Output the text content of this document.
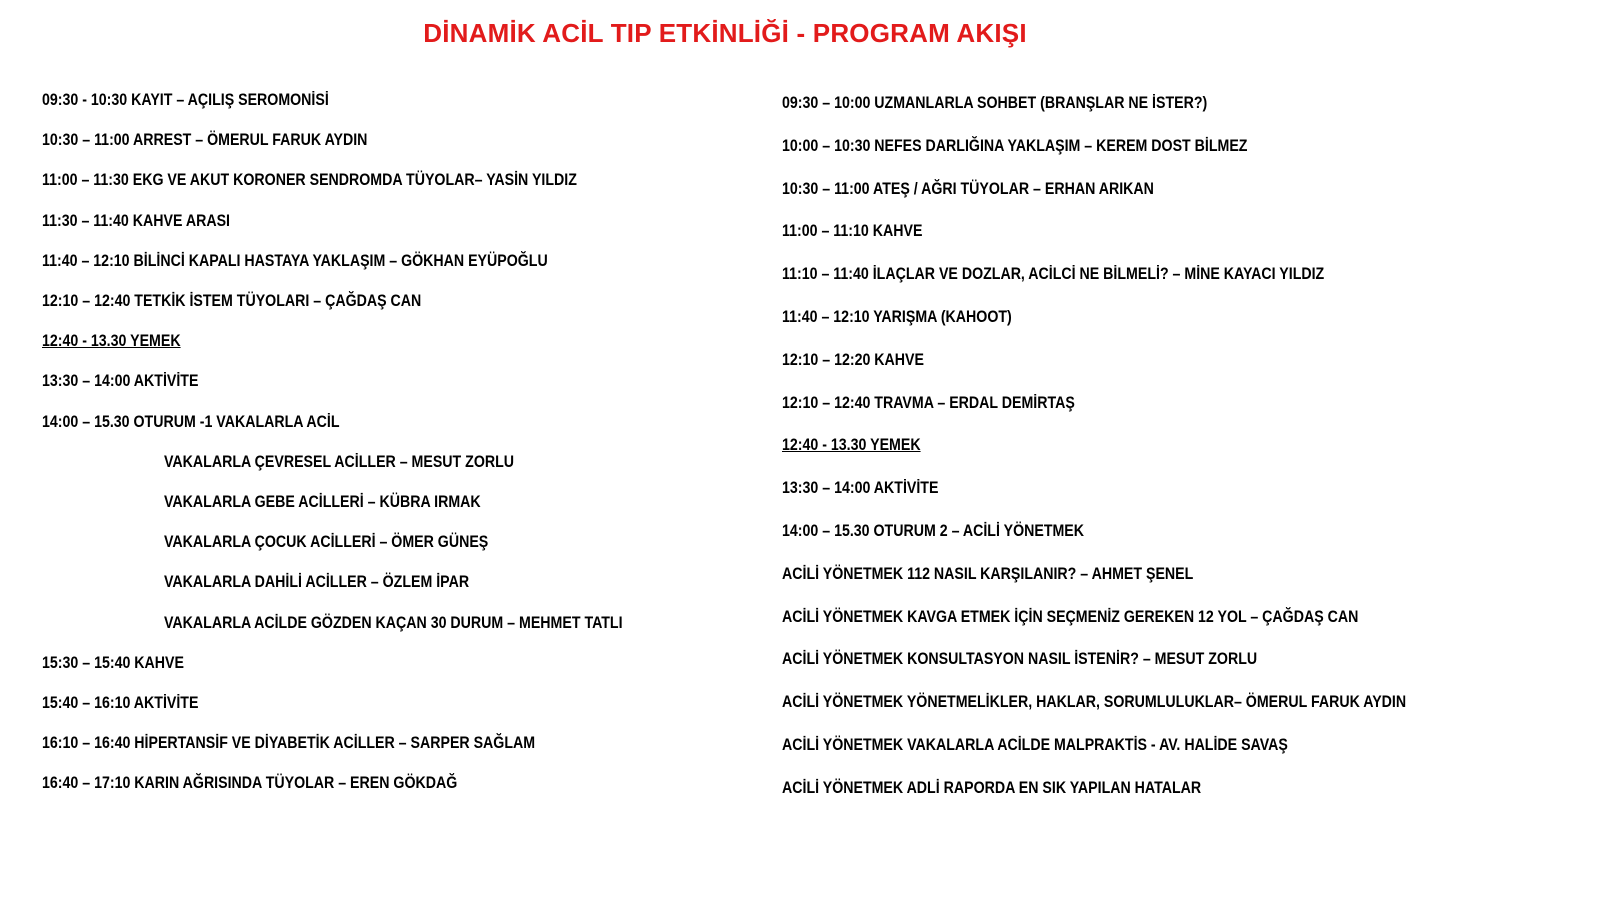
DİNAMİK ACİL TIP ETKİNLİĞİ - PROGRAM AKIŞI
09:30 - 10:30 KAYIT – AÇILIŞ SEROMONİSİ
10:30 – 11:00 ARREST – ÖMERUL FARUK AYDIN
11:00 – 11:30 EKG VE AKUT KORONER SENDROMDA TÜYOLAR– YASİN YILDIZ
11:30 – 11:40 KAHVE ARASI
11:40 – 12:10 BİLİNCİ KAPALI HASTAYA YAKLAŞIM – GÖKHAN EYÜPOĞLU
12:10 – 12:40 TETKİK İSTEM TÜYOLARI – ÇAĞDAŞ CAN
12:40 - 13.30 YEMEK
13:30 – 14:00 AKTİVİTE
14:00 – 15.30 OTURUM -1 VAKALARLA ACİL
VAKALARLA ÇEVRESEL ACİLLER – MESUT ZORLU
VAKALARLA GEBE ACİLLERİ – KÜBRA IRMAK
VAKALARLA ÇOCUK ACİLLERİ – ÖMER GÜNEŞ
VAKALARLA DAHİLİ ACİLLER – ÖZLEM İPAR
VAKALARLA ACİLDE GÖZDEN KAÇAN 30 DURUM – MEHMET TATLI
15:30 – 15:40 KAHVE
15:40 – 16:10 AKTİVİTE
16:10 – 16:40 HİPERTANSİF VE DİYABETİK ACİLLER – SARPER SAĞLAM
16:40 – 17:10 KARIN AĞRISINDA TÜYOLAR – EREN GÖKDAĞ
09:30 – 10:00 UZMANLARLA SOHBET (BRANŞLAR NE İSTER?)
10:00 – 10:30 NEFES DARLIĞINA YAKLAŞIM – KEREM DOST BİLMEZ
10:30 – 11:00 ATEŞ / AĞRI TÜYOLAR – ERHAN ARIKAN
11:00 – 11:10 KAHVE
11:10 – 11:40 İLAÇLAR VE DOZLAR, ACİLCİ NE BİLMELİ? – MİNE KAYACI YILDIZ
11:40 – 12:10 YARIŞMA (KAHOOT)
12:10 – 12:20 KAHVE
12:10 – 12:40 TRAVMA – ERDAL DEMİRTAŞ
12:40 - 13.30 YEMEK
13:30 – 14:00 AKTİVİTE
14:00 – 15.30 OTURUM 2 – ACİLİ YÖNETMEK
ACİLİ YÖNETMEK 112 NASIL KARŞILANIR? – AHMET ŞENEL
ACİLİ YÖNETMEK KAVGA ETMEK İÇİN SEÇMENİZ GEREKEN 12 YOL – ÇAĞDAŞ CAN
ACİLİ YÖNETMEK KONSULTASYON NASIL İSTENİR? – MESUT ZORLU
ACİLİ YÖNETMEK YÖNETMELİKLER, HAKLAR, SORUMLULUKLAR– ÖMERUL FARUK AYDIN
ACİLİ YÖNETMEK VAKALARLA ACİLDE MALPRAKTİS - AV. HALİDE SAVAŞ
ACİLİ YÖNETMEK ADLİ RAPORDA EN SIK YAPILAN HATALAR
